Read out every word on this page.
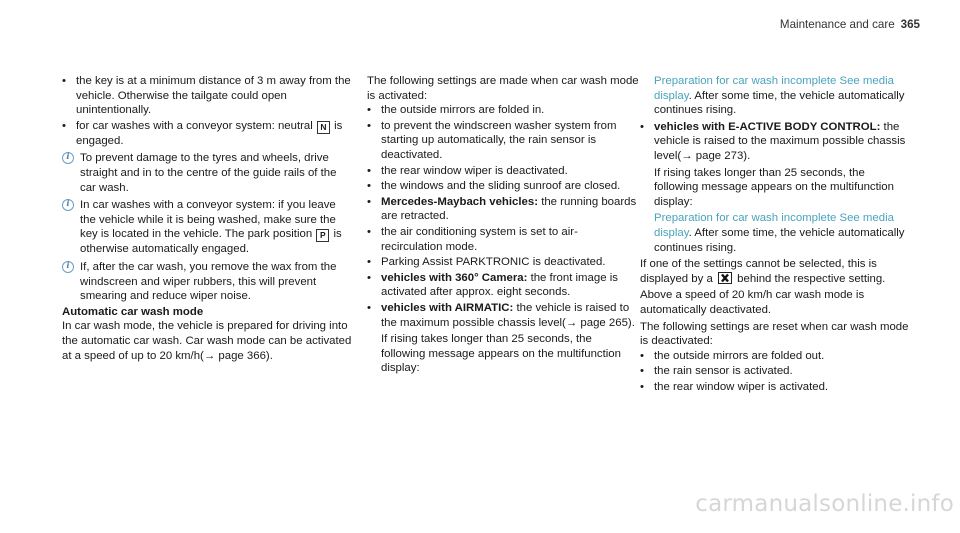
Maintenance and care 365

• the key is at a minimum distance of 3 m away from the vehicle. Otherwise the tailgate could open unintentionally.

• for car washes with a conveyor system: neutral N is engaged.

i To prevent damage to the tyres and wheels, drive straight and in to the centre of the guide rails of the car wash.

i In car washes with a conveyor system: if you leave the vehicle while it is being washed, make sure the key is located in the vehicle. The park position P is otherwise automatically engaged.

i If, after the car wash, you remove the wax from the windscreen and wiper rubbers, this will prevent smearing and reduce wiper noise.

Automatic car wash mode

In car wash mode, the vehicle is prepared for driving into the automatic car wash. Car wash mode can be activated at a speed of up to 20 km/h(→ page 366).

The following settings are made when car wash mode is activated:

• the outside mirrors are folded in.

• to prevent the windscreen washer system from starting up automatically, the rain sensor is deactivated.

• the rear window wiper is deactivated.

• the windows and the sliding sunroof are closed.

• Mercedes-Maybach vehicles: the running boards are retracted.

• the air conditioning system is set to air-recirculation mode.

• Parking Assist PARKTRONIC is deactivated.

• vehicles with 360° Camera: the front image is activated after approx. eight seconds.

• vehicles with AIRMATIC: the vehicle is raised to the maximum possible chassis level(→ page 265).

If rising takes longer than 25 seconds, the following message appears on the multifunction display:

Preparation for car wash incomplete See media display. After some time, the vehicle automatically continues rising.

• vehicles with E-ACTIVE BODY CONTROL: the vehicle is raised to the maximum possible chassis level(→ page 273).

If rising takes longer than 25 seconds, the following message appears on the multifunction display:

Preparation for car wash incomplete See media display. After some time, the vehicle automatically continues rising.

If one of the settings cannot be selected, this is displayed by a behind the respective setting.

Above a speed of 20 km/h car wash mode is automatically deactivated.

The following settings are reset when car wash mode is deactivated:

• the outside mirrors are folded out.

• the rain sensor is activated.

• the rear window wiper is activated.

carmanualsonline.info
